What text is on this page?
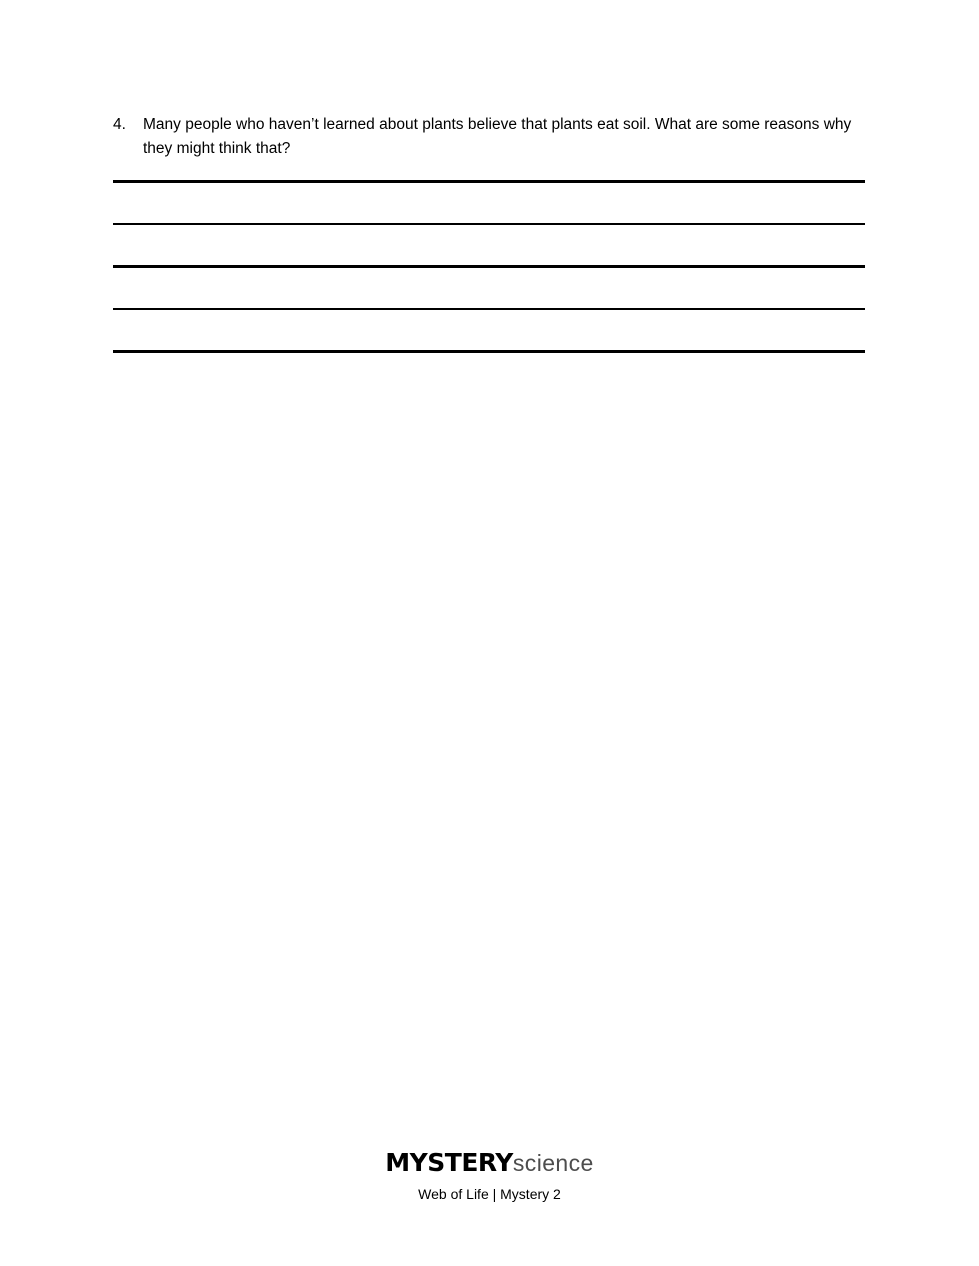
4.	Many people who haven’t learned about plants believe that plants eat soil. What are some reasons why they might think that?
MYSTERYscience
Web of Life | Mystery 2
